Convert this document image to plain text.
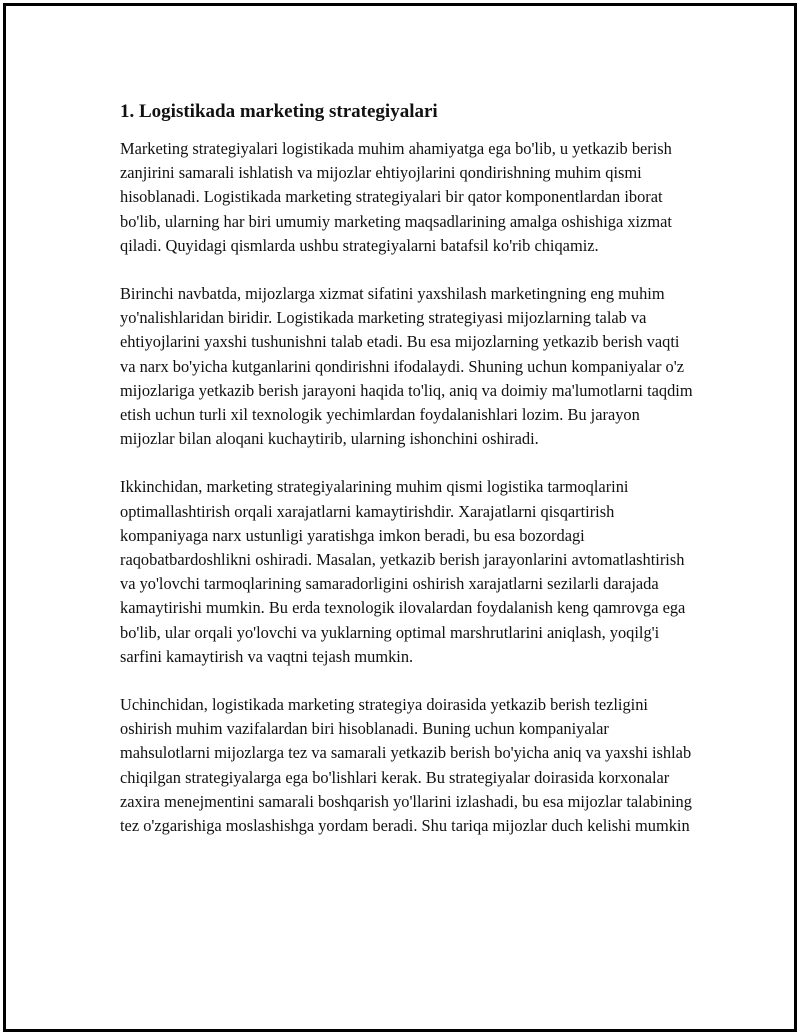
1. Logistikada marketing strategiyalari

Marketing strategiyalari logistikada muhim ahamiyatga ega bo'lib, u yetkazib berish zanjirini samarali ishlatish va mijozlar ehtiyojlarini qondirishning muhim qismi hisoblanadi. Logistikada marketing strategiyalari bir qator komponentlardan iborat bo'lib, ularning har biri umumiy marketing maqsadlarining amalga oshishiga xizmat qiladi. Quyidagi qismlarda ushbu strategiyalarni batafsil ko'rib chiqamiz.

Birinchi navbatda, mijozlarga xizmat sifatini yaxshilash marketingning eng muhim yo'nalishlaridan biridir. Logistikada marketing strategiyasi mijozlarning talab va ehtiyojlarini yaxshi tushunishni talab etadi. Bu esa mijozlarning yetkazib berish vaqti va narx bo'yicha kutganlarini qondirishni ifodalaydi. Shuning uchun kompaniyalar o'z mijozlariga yetkazib berish jarayoni haqida to'liq, aniq va doimiy ma'lumotlarni taqdim etish uchun turli xil texnologik yechimlardan foydalanishlari lozim. Bu jarayon mijozlar bilan aloqani kuchaytirib, ularning ishonchini oshiradi.

Ikkinchidan, marketing strategiyalarining muhim qismi logistika tarmoqlarini optimallashtirish orqali xarajatlarni kamaytirishdir. Xarajatlarni qisqartirish kompaniyaga narx ustunligi yaratishga imkon beradi, bu esa bozordagi raqobatbardoshlikni oshiradi. Masalan, yetkazib berish jarayonlarini avtomatlashtirish va yo'lovchi tarmoqlarining samaradorligini oshirish xarajatlarni sezilarli darajada kamaytirishi mumkin. Bu erda texnologik ilovalardan foydalanish keng qamrovga ega bo'lib, ular orqali yo'lovchi va yuklarning optimal marshrutlarini aniqlash, yoqilg'i sarfini kamaytirish va vaqtni tejash mumkin.

Uchinchidan, logistikada marketing strategiya doirasida yetkazib berish tezligini oshirish muhim vazifalardan biri hisoblanadi. Buning uchun kompaniyalar mahsulotlarni mijozlarga tez va samarali yetkazib berish bo'yicha aniq va yaxshi ishlab chiqilgan strategiyalarga ega bo'lishlari kerak. Bu strategiyalar doirasida korxonalar zaxira menejmentini samarali boshqarish yo'llarini izlashadi, bu esa mijozlar talabining tez o'zgarishiga moslashishga yordam beradi. Shu tariqa mijozlar duch kelishi mumkin
